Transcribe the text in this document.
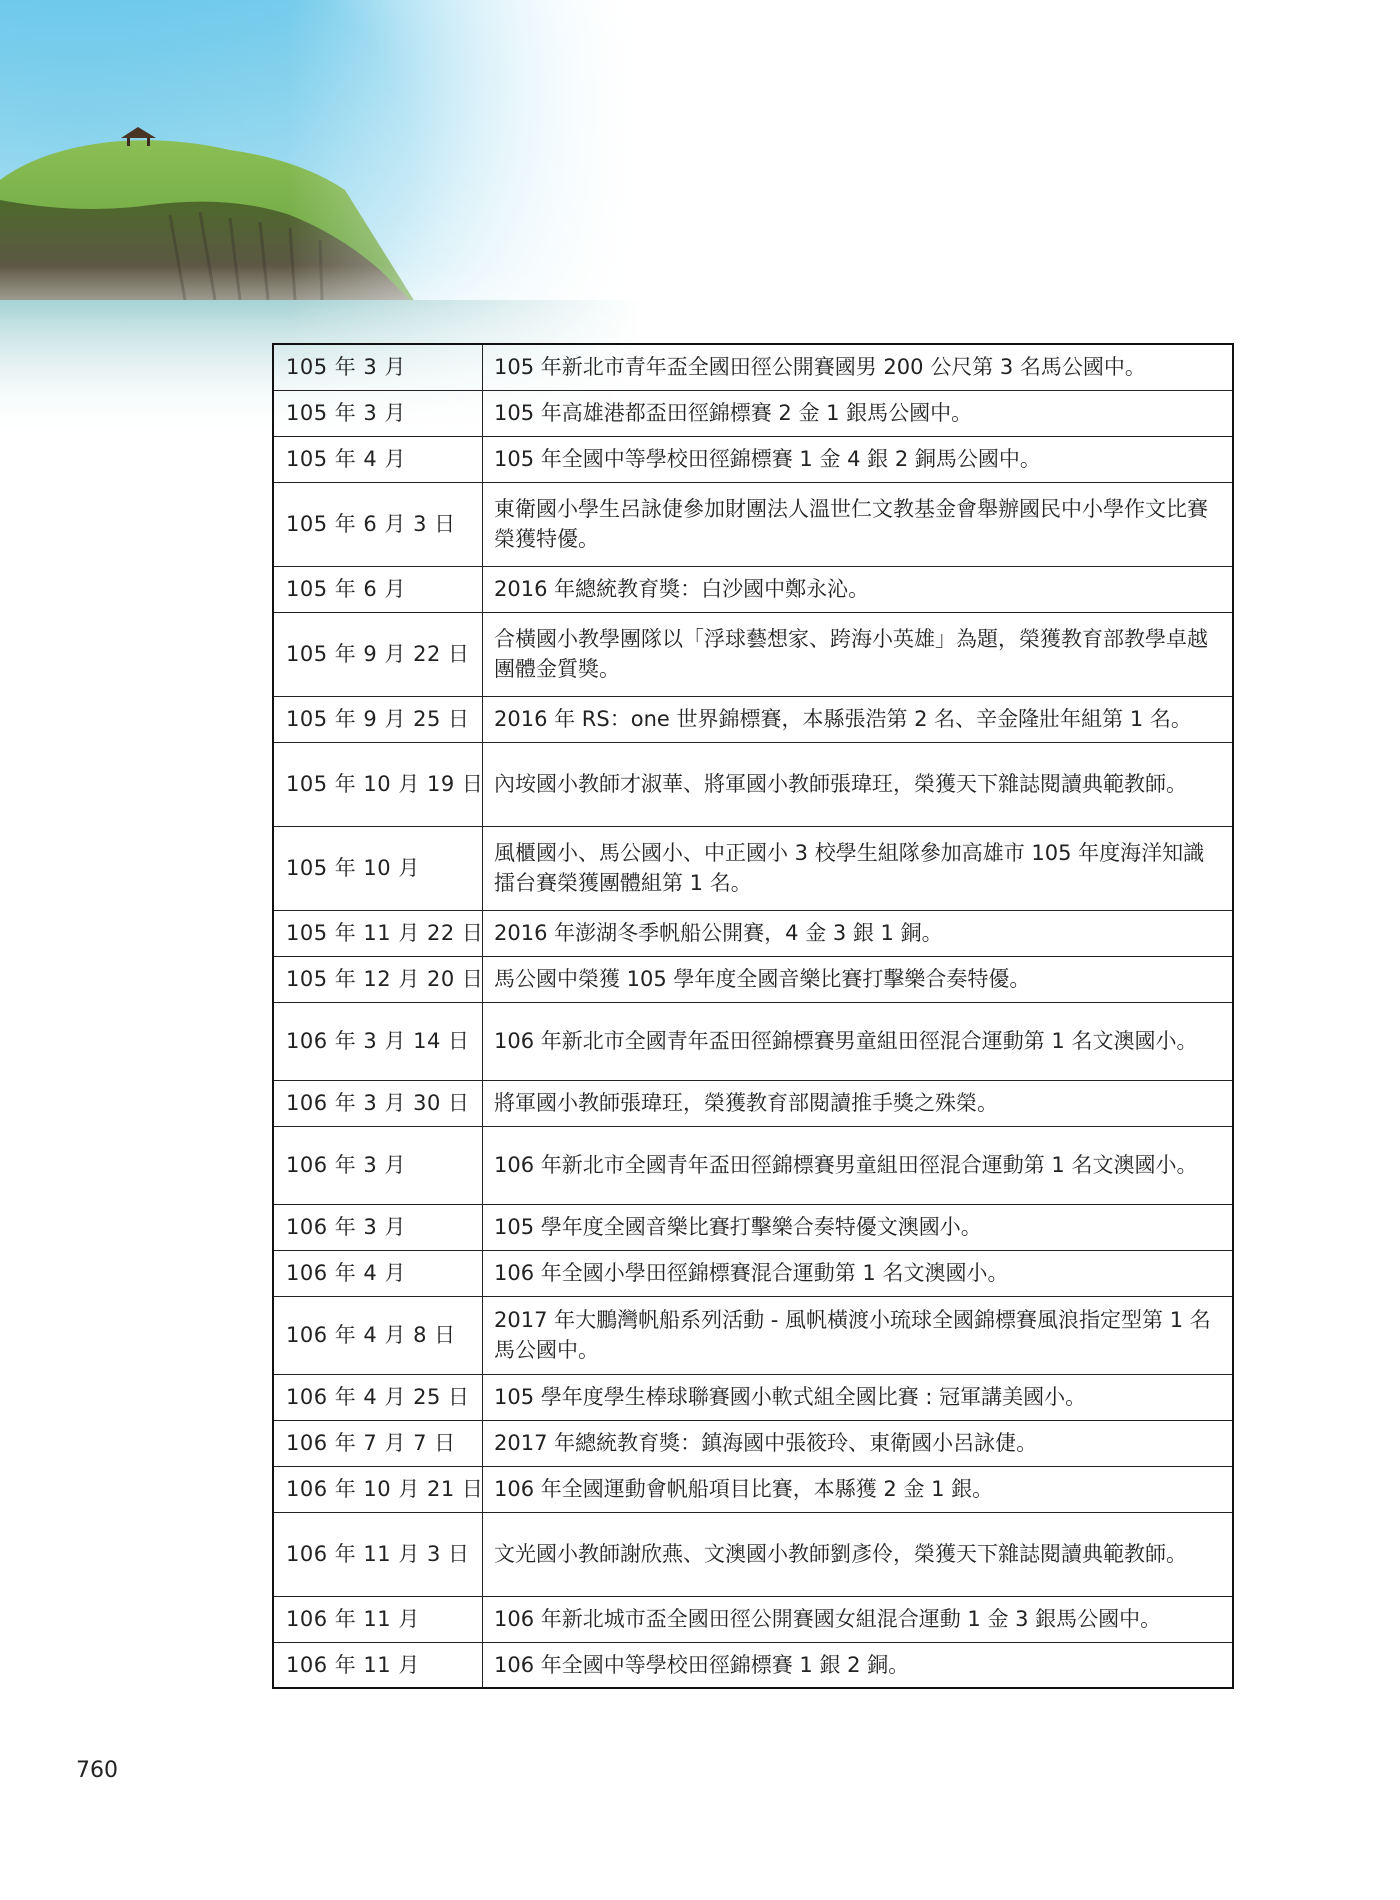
105 年 3 月	105 年新北市青年盃全國田徑公開賽國男 200 公尺第 3 名馬公國中。
105 年 3 月	105 年高雄港都盃田徑錦標賽 2 金 1 銀馬公國中。
105 年 4 月	105 年全國中等學校田徑錦標賽 1 金 4 銀 2 銅馬公國中。
105 年 6 月 3 日	東衛國小學生呂詠倢參加財團法人溫世仁文教基金會舉辦國民中小學作文比賽榮獲特優。
105 年 6 月	2016 年總統教育獎：白沙國中鄭永沁。
105 年 9 月 22 日	合橫國小教學團隊以「浮球藝想家、跨海小英雄」為題，榮獲教育部教學卓越團體金質獎。
105 年 9 月 25 日	2016 年 RS：one 世界錦標賽，本縣張浩第 2 名、辛金隆壯年組第 1 名。
105 年 10 月 19 日	內垵國小教師才淑華、將軍國小教師張瑋玨，榮獲天下雜誌閱讀典範教師。
105 年 10 月	風櫃國小、馬公國小、中正國小 3 校學生組隊參加高雄市 105 年度海洋知識擂台賽榮獲團體組第 1 名。
105 年 11 月 22 日	2016 年澎湖冬季帆船公開賽，4 金 3 銀 1 銅。
105 年 12 月 20 日	馬公國中榮獲 105 學年度全國音樂比賽打擊樂合奏特優。
106 年 3 月 14 日	106 年新北市全國青年盃田徑錦標賽男童組田徑混合運動第 1 名文澳國小。
106 年 3 月 30 日	將軍國小教師張瑋玨，榮獲教育部閱讀推手獎之殊榮。
106 年 3 月	106 年新北市全國青年盃田徑錦標賽男童組田徑混合運動第 1 名文澳國小。
106 年 3 月	105 學年度全國音樂比賽打擊樂合奏特優文澳國小。
106 年 4 月	106 年全國小學田徑錦標賽混合運動第 1 名文澳國小。
106 年 4 月 8 日	2017 年大鵬灣帆船系列活動 - 風帆橫渡小琉球全國錦標賽風浪指定型第 1 名馬公國中。
106 年 4 月 25 日	105 學年度學生棒球聯賽國小軟式組全國比賽 : 冠軍講美國小。
106 年 7 月 7 日	2017 年總統教育獎：鎮海國中張筱玲、東衛國小呂詠倢。
106 年 10 月 21 日	106 年全國運動會帆船項目比賽，本縣獲 2 金 1 銀。
106 年 11 月 3 日	文光國小教師謝欣燕、文澳國小教師劉彥伶，榮獲天下雜誌閱讀典範教師。
106 年 11 月	106 年新北城市盃全國田徑公開賽國女組混合運動 1 金 3 銀馬公國中。
106 年 11 月	106 年全國中等學校田徑錦標賽 1 銀 2 銅。
760
